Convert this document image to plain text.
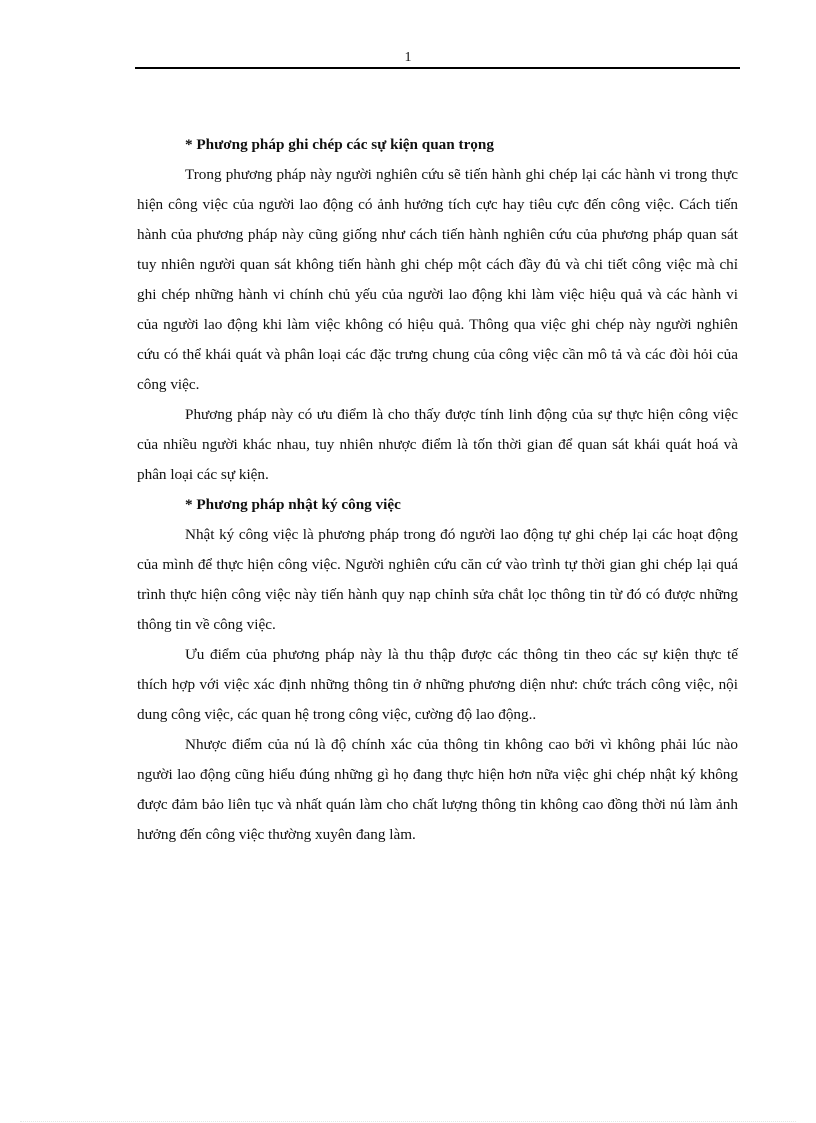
1
* Phương pháp ghi chép các sự kiện quan trọng

Trong phương pháp này người nghiên cứu sẽ tiến hành ghi chép lại các hành vi trong thực hiện công việc của người lao động có ảnh hưởng tích cực hay tiêu cực đến công việc. Cách tiến hành của phương pháp này cũng giống như cách tiến hành nghiên cứu của phương pháp quan sát tuy nhiên người quan sát không tiến hành ghi chép một cách đầy đủ và chi tiết công việc mà chỉ ghi chép những hành vi chính chủ yếu của người lao động khi làm việc hiệu quả và các hành vi của người lao động khi làm việc không có hiệu quả. Thông qua việc ghi chép này người nghiên cứu có thể khái quát và phân loại các đặc trưng chung của công việc cần mô tả và các đòi hỏi của công việc.

Phương pháp này có ưu điểm là cho thấy được tính linh động của sự thực hiện công việc của nhiều người khác nhau, tuy nhiên nhược điểm là tốn thời gian để quan sát khái quát hoá và phân loại các sự kiện.

* Phương pháp nhật ký công việc

Nhật ký công việc là phương pháp trong đó người lao động tự ghi chép lại các hoạt động của mình để thực hiện công việc. Người nghiên cứu căn cứ vào trình tự thời gian ghi chép lại quá trình thực hiện công việc này tiến hành quy nạp chỉnh sửa chắt lọc thông tin từ đó có được những thông tin về công việc.

Ưu điểm của phương pháp này là thu thập được các thông tin theo các sự kiện thực tế thích hợp với việc xác định những thông tin ở những phương diện như: chức trách công việc, nội dung công việc, các quan hệ trong công việc, cường độ lao động..

Nhược điểm của nú là độ chính xác của thông tin không cao bởi vì không phải lúc nào người lao động cũng hiểu đúng những gì họ đang thực hiện hơn nữa việc ghi chép nhật ký không được đảm bảo liên tục và nhất quán làm cho chất lượng thông tin không cao đồng thời nú làm ảnh hưởng đến công việc thường xuyên đang làm.
